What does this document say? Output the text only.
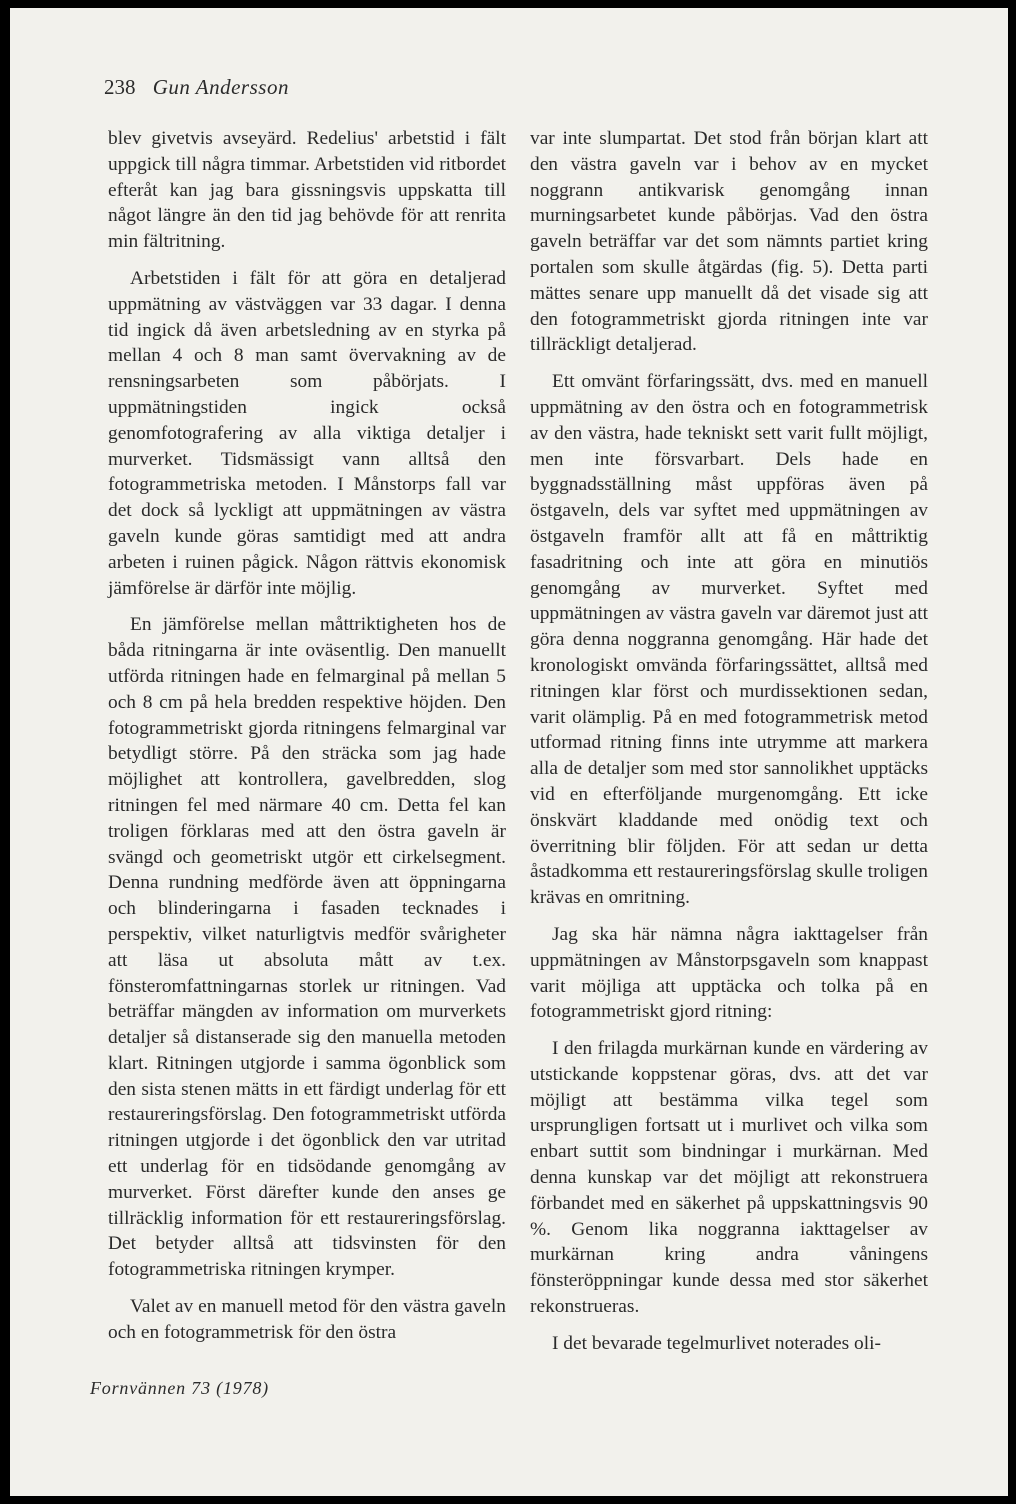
238 Gun Andersson

blev givetvis avseyärd. Redelius' arbetstid i fält uppgick till några timmar. Arbetstiden vid ritbordet efteråt kan jag bara gissningsvis uppskatta till något längre än den tid jag behövde för att renrita min fältritning.

Arbetstiden i fält för att göra en detaljerad uppmätning av västväggen var 33 dagar. I denna tid ingick då även arbetsledning av en styrka på mellan 4 och 8 man samt övervakning av de rensningsarbeten som påbörjats. I uppmätningstiden ingick också genomfotografering av alla viktiga detaljer i murverket. Tidsmässigt vann alltså den fotogrammetriska metoden. I Månstorps fall var det dock så lyckligt att uppmätningen av västra gaveln kunde göras samtidigt med att andra arbeten i ruinen pågick. Någon rättvis ekonomisk jämförelse är därför inte möjlig.

En jämförelse mellan måttriktigheten hos de båda ritningarna är inte oväsentlig. Den manuellt utförda ritningen hade en felmarginal på mellan 5 och 8 cm på hela bredden respektive höjden. Den fotogrammetriskt gjorda ritningens felmarginal var betydligt större. På den sträcka som jag hade möjlighet att kontrollera, gavelbredden, slog ritningen fel med närmare 40 cm. Detta fel kan troligen förklaras med att den östra gaveln är svängd och geometriskt utgör ett cirkelsegment. Denna rundning medförde även att öppningarna och blinderingarna i fasaden tecknades i perspektiv, vilket naturligtvis medför svårigheter att läsa ut absoluta mått av t.ex. fönsteromfattningarnas storlek ur ritningen. Vad beträffar mängden av information om murverkets detaljer så distanserade sig den manuella metoden klart. Ritningen utgjorde i samma ögonblick som den sista stenen mätts in ett färdigt underlag för ett restaureringsförslag. Den fotogrammetriskt utförda ritningen utgjorde i det ögonblick den var utritad ett underlag för en tidsödande genomgång av murverket. Först därefter kunde den anses ge tillräcklig information för ett restaureringsförslag. Det betyder alltså att tidsvinsten för den fotogrammetriska ritningen krymper.

Valet av en manuell metod för den västra gaveln och en fotogrammetrisk för den östra

var inte slumpartat. Det stod från början klart att den västra gaveln var i behov av en mycket noggrann antikvarisk genomgång innan murningsarbetet kunde påbörjas. Vad den östra gaveln beträffar var det som nämnts partiet kring portalen som skulle åtgärdas (fig. 5). Detta parti mättes senare upp manuellt då det visade sig att den fotogrammetriskt gjorda ritningen inte var tillräckligt detaljerad.

Ett omvänt förfaringssätt, dvs. med en manuell uppmätning av den östra och en fotogrammetrisk av den västra, hade tekniskt sett varit fullt möjligt, men inte försvarbart. Dels hade en byggnadsställning måst uppföras även på östgaveln, dels var syftet med uppmätningen av östgaveln framför allt att få en måttriktig fasadritning och inte att göra en minutiös genomgång av murverket. Syftet med uppmätningen av västra gaveln var däremot just att göra denna noggranna genomgång. Här hade det kronologiskt omvända förfaringssättet, alltså med ritningen klar först och murdissektionen sedan, varit olämplig. På en med fotogrammetrisk metod utformad ritning finns inte utrymme att markera alla de detaljer som med stor sannolikhet upptäcks vid en efterföljande murgenomgång. Ett icke önskvärt kladdande med onödig text och överritning blir följden. För att sedan ur detta åstadkomma ett restaureringsförslag skulle troligen krävas en omritning.

Jag ska här nämna några iakttagelser från uppmätningen av Månstorpsgaveln som knappast varit möjliga att upptäcka och tolka på en fotogrammetriskt gjord ritning:

I den frilagda murkärnan kunde en värdering av utstickande koppstenar göras, dvs. att det var möjligt att bestämma vilka tegel som ursprungligen fortsatt ut i murlivet och vilka som enbart suttit som bindningar i murkärnan. Med denna kunskap var det möjligt att rekonstruera förbandet med en säkerhet på uppskattningsvis 90 %. Genom lika noggranna iakttagelser av murkärnan kring andra våningens fönsteröppningar kunde dessa med stor säkerhet rekonstrueras.

I det bevarade tegelmurlivet noterades oli-

Fornvännen 73 (1978)
